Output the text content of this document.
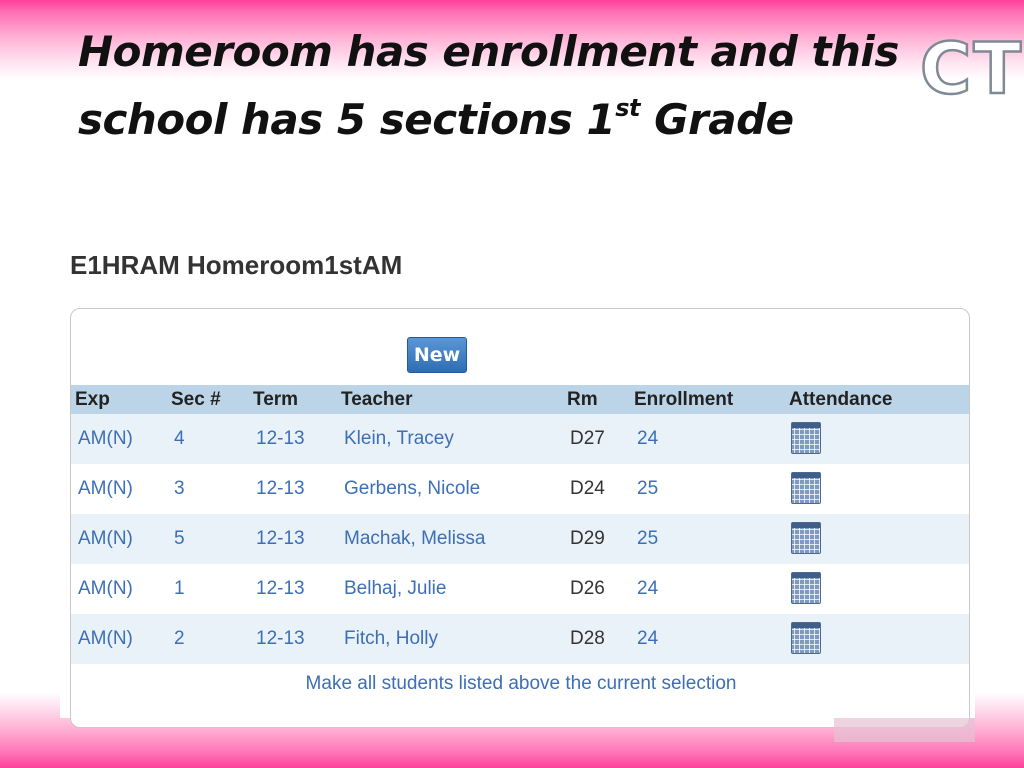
Homeroom has enrollment and this school has 5 sections 1st Grade
CT
E1HRAM Homeroom1stAM
New
Exp	Sec # Term Teacher	Rm Enrollment	Attendance
AM(N) 4	12-13 Klein, Tracey	D27 24
AM(N) 3	12-13 Gerbens, Nicole	D24 25
AM(N) 5	12-13 Machak, Melissa	D29 25
AM(N) 1	12-13 Belhaj, Julie	D26 24
AM(N) 2	12-13 Fitch, Holly	D28 24
Make all students listed above the current selection
